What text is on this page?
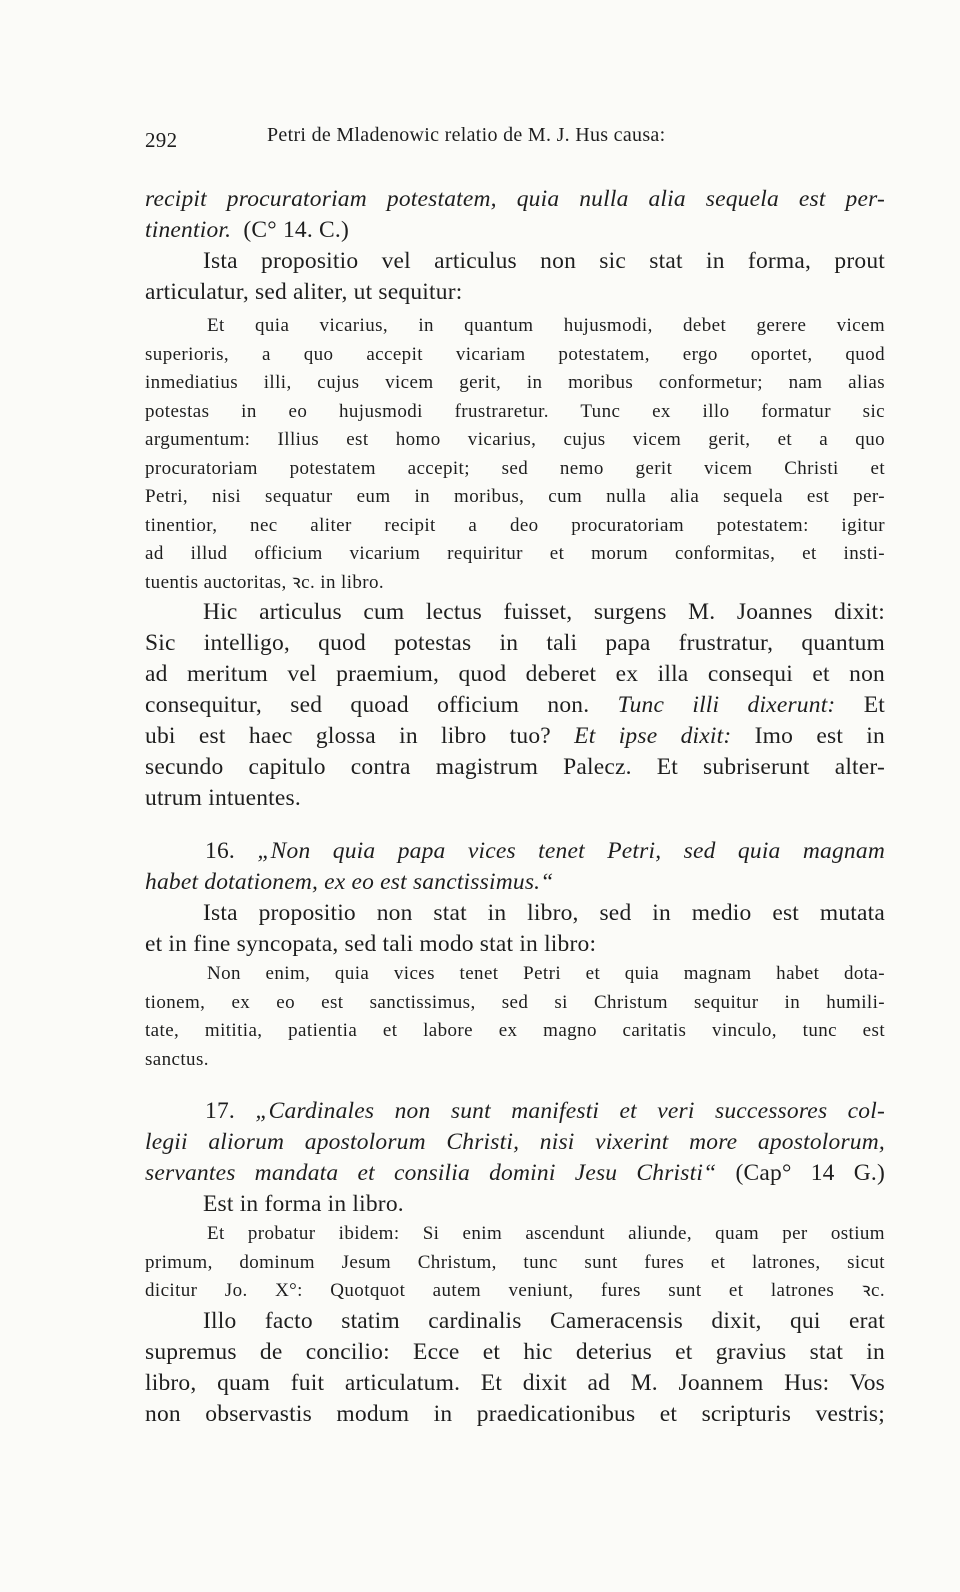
292	Petri de Mladenowic relatio de M. J. Hus causa:
recipit procuratoriam potestatem, quia nulla alia sequela est per-
tinentior. (C° 14. C.)
Ista propositio vel articulus non sic stat in forma, prout
articulatur, sed aliter, ut sequitur:
Et quia vicarius, in quantum hujusmodi, debet gerere vicem
superioris, a quo accepit vicariam potestatem, ergo oportet, quod
inmediatius illi, cujus vicem gerit, in moribus conformetur; nam alias
potestas in eo hujusmodi frustraretur. Tunc ex illo formatur sic
argumentum: Illius est homo vicarius, cujus vicem gerit, et a quo
procuratoriam potestatem accepit; sed nemo gerit vicem Christi et
Petri, nisi sequatur eum in moribus, cum nulla alia sequela est per-
tinentior, nec aliter recipit a deo procuratoriam potestatem: igitur
ad illud officium vicarium requiritur et morum conformitas, et insti-
tuentis auctoritas, ꝛc. in libro.
Hic articulus cum lectus fuisset, surgens M. Joannes dixit:
Sic intelligo, quod potestas in tali papa frustratur, quantum
ad meritum vel praemium, quod deberet ex illa consequi et non
consequitur, sed quoad officium non. Tunc illi dixerunt: Et
ubi est haec glossa in libro tuo? Et ipse dixit: Imo est in
secundo capitulo contra magistrum Palecz. Et subriserunt alter-
utrum intuentes.
16. „Non quia papa vices tenet Petri, sed quia magnam
habet dotationem, ex eo est sanctissimus.“
Ista propositio non stat in libro, sed in medio est mutata
et in fine syncopata, sed tali modo stat in libro:
Non enim, quia vices tenet Petri et quia magnam habet dota-
tionem, ex eo est sanctissimus, sed si Christum sequitur in humili-
tate, mititia, patientia et labore ex magno caritatis vinculo, tunc est
sanctus.
17. „Cardinales non sunt manifesti et veri successores col-
legii aliorum apostolorum Christi, nisi vixerint more apostolorum,
servantes mandata et consilia domini Jesu Christi“ (Cap° 14 G.)
Est in forma in libro.
Et probatur ibidem: Si enim ascendunt aliunde, quam per ostium
primum, dominum Jesum Christum, tunc sunt fures et latrones, sicut
dicitur Jo. X°: Quotquot autem veniunt, fures sunt et latrones ꝛc.
Illo facto statim cardinalis Cameracensis dixit, qui erat
supremus de concilio: Ecce et hic deterius et gravius stat in
libro, quam fuit articulatum. Et dixit ad M. Joannem Hus: Vos
non observastis modum in praedicationibus et scripturis vestris;
